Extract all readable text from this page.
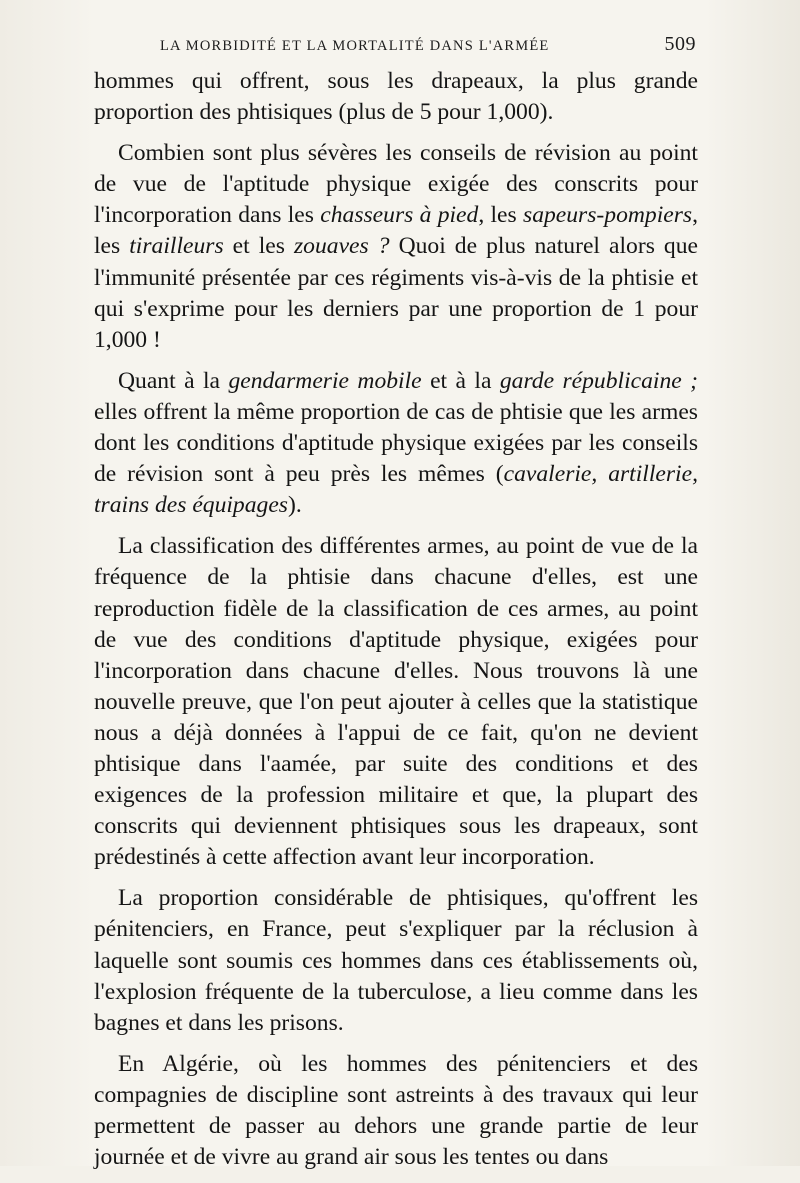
LA MORBIDITÉ ET LA MORTALITÉ DANS L'ARMÉE	509

hommes qui offrent, sous les drapeaux, la plus grande proportion des phtisiques (plus de 5 pour 1,000).

Combien sont plus sévères les conseils de révision au point de vue de l'aptitude physique exigée des conscrits pour l'incorporation dans les chasseurs à pied, les sapeurs-pompiers, les tirailleurs et les zouaves ? Quoi de plus naturel alors que l'immunité présentée par ces régiments vis-à-vis de la phtisie et qui s'exprime pour les derniers par une proportion de 1 pour 1,000 !

Quant à la gendarmerie mobile et à la garde républicaine ; elles offrent la même proportion de cas de phtisie que les armes dont les conditions d'aptitude physique exigées par les conseils de révision sont à peu près les mêmes (cavalerie, artillerie, trains des équipages).

La classification des différentes armes, au point de vue de la fréquence de la phtisie dans chacune d'elles, est une reproduction fidèle de la classification de ces armes, au point de vue des conditions d'aptitude physique, exigées pour l'incorporation dans chacune d'elles. Nous trouvons là une nouvelle preuve, que l'on peut ajouter à celles que la statistique nous a déjà données à l'appui de ce fait, qu'on ne devient phtisique dans l'aamée, par suite des conditions et des exigences de la profession militaire et que, la plupart des conscrits qui deviennent phtisiques sous les drapeaux, sont prédestinés à cette affection avant leur incorporation.

La proportion considérable de phtisiques, qu'offrent les pénitenciers, en France, peut s'expliquer par la réclusion à laquelle sont soumis ces hommes dans ces établissements où, l'explosion fréquente de la tuberculose, a lieu comme dans les bagnes et dans les prisons.

En Algérie, où les hommes des pénitenciers et des compagnies de discipline sont astreints à des travaux qui leur permettent de passer au dehors une grande partie de leur journée et de vivre au grand air sous les tentes ou dans
